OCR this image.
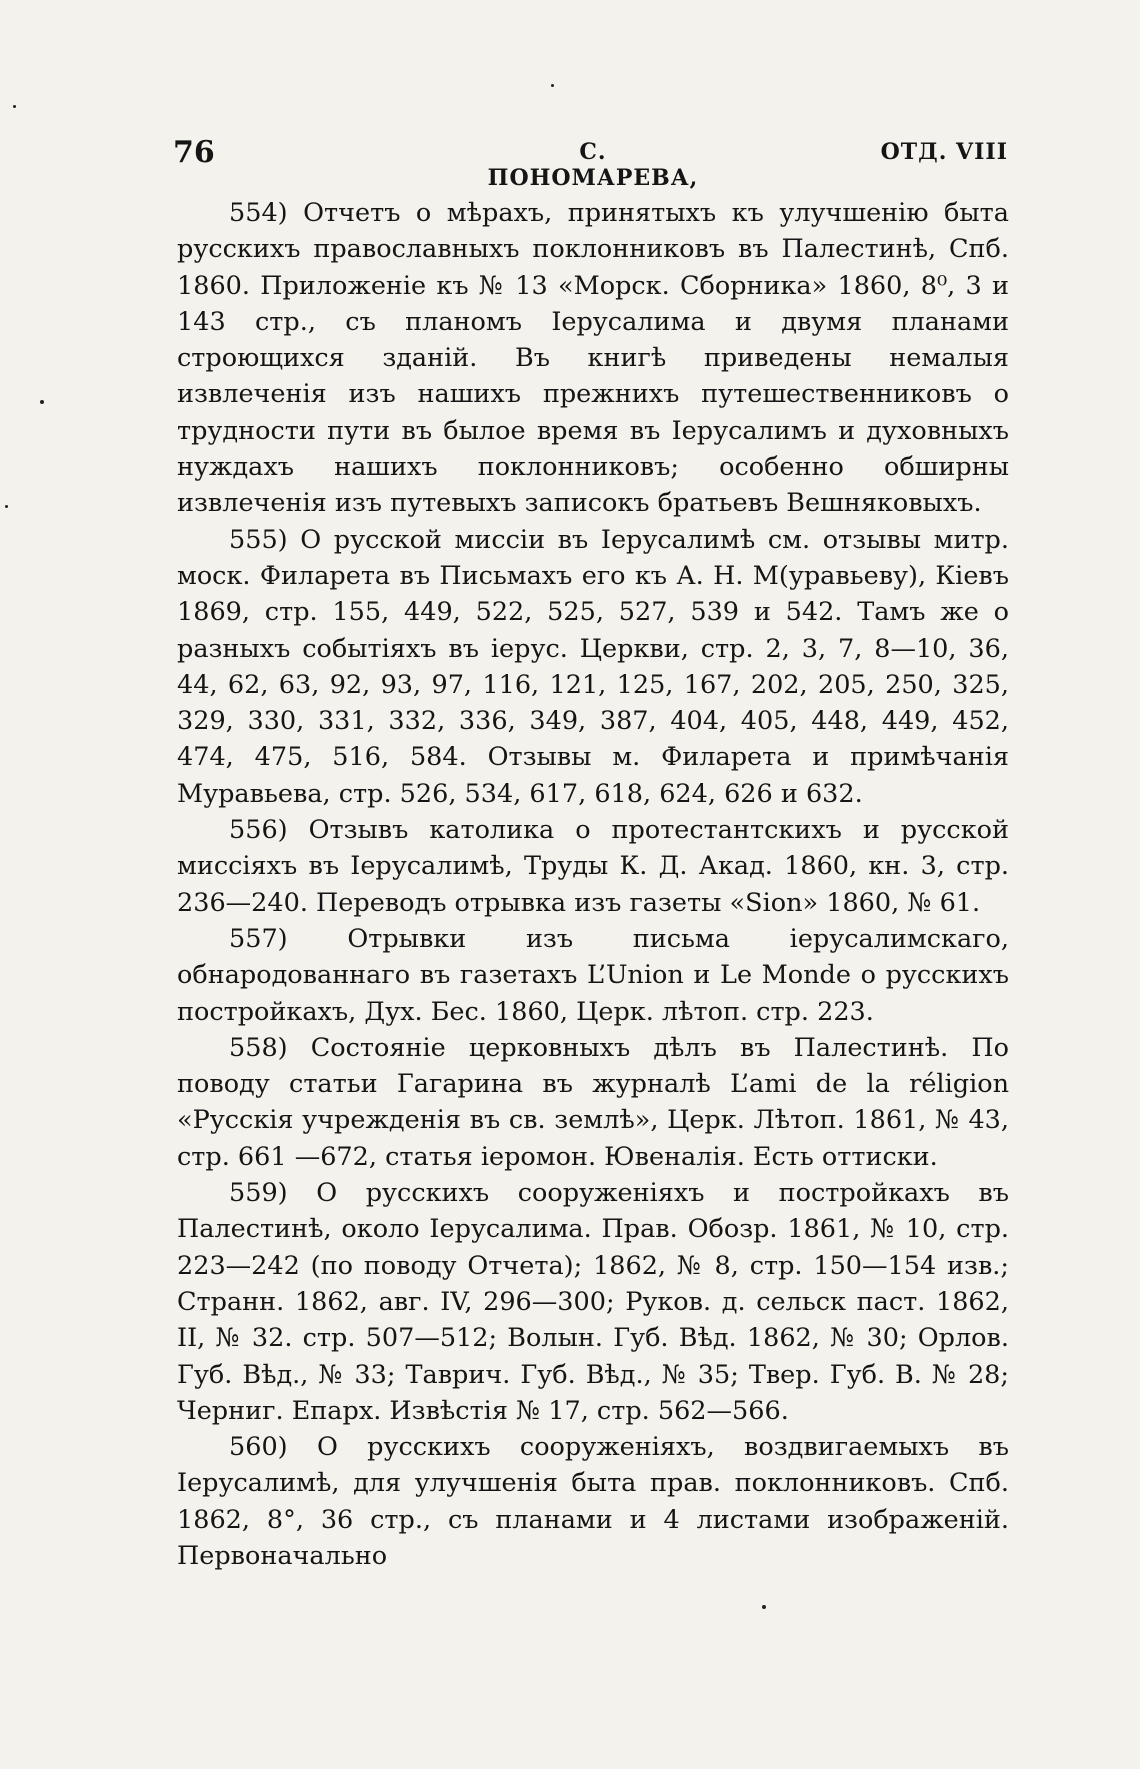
76	С. ПОНОМАРЕВА,
ОТД. VIII

554) Отчетъ о мѣрахъ, принятыхъ къ улучшенію быта русскихъ православныхъ поклонниковъ въ Палестинѣ, Спб. 1860. Приложеніе къ № 13 «Морск. Сборника» 1860, 8⁰, 3 и 143 стр., съ планомъ Іерусалима и двумя планами строющихся зданій. Въ книгѣ приведены немалыя извлеченія изъ нашихъ прежнихъ путешественниковъ о трудности пути въ былое время въ Іерусалимъ и духовныхъ нуждахъ нашихъ поклонниковъ; особенно обширны извлеченія изъ путевыхъ записокъ братьевъ Вешняковыхъ.

555) О русской миссіи въ Іерусалимѣ см. отзывы митр. моск. Филарета въ Письмахъ его къ А. Н. М(уравьеву), Кіевъ 1869, стр. 155, 449, 522, 525, 527, 539 и 542. Тамъ же о разныхъ событіяхъ въ іерус. Церкви, стр. 2, 3, 7, 8—10, 36, 44, 62, 63, 92, 93, 97, 116, 121, 125, 167, 202, 205, 250, 325, 329, 330, 331, 332, 336, 349, 387, 404, 405, 448, 449, 452, 474, 475, 516, 584. Отзывы м. Филарета и примѣчанія Муравьева, стр. 526, 534, 617, 618, 624, 626 и 632.

556) Отзывъ католика о протестантскихъ и русской миссіяхъ въ Іерусалимѣ, Труды К. Д. Акад. 1860, кн. 3, стр. 236—240. Переводъ отрывка изъ газеты «Sion» 1860, № 61.

557) Отрывки изъ письма іерусалимскаго, обнародованнаго въ газетахъ L’Union и Le Monde о русскихъ постройкахъ, Дух. Бес. 1860, Церк. лѣтоп. стр. 223.

558) Состояніе церковныхъ дѣлъ въ Палестинѣ. По поводу статьи Гагарина въ журналѣ L’ami de la réligion «Русскія учрежденія въ св. землѣ», Церк. Лѣтоп. 1861, № 43, стр. 661 —672, статья іеромон. Ювеналія. Есть оттиски.

559) О русскихъ сооруженіяхъ и постройкахъ въ Палестинѣ, около Іерусалима. Прав. Обозр. 1861, № 10, стр. 223—242 (по поводу Отчета); 1862, № 8, стр. 150—154 изв.; Странн. 1862, авг. IV, 296—300; Руков. д. сельск паст. 1862, II, № 32. стр. 507—512; Волын. Губ. Вѣд. 1862, № 30; Орлов. Губ. Вѣд., № 33; Таврич. Губ. Вѣд., № 35; Твер. Губ. В. № 28; Черниг. Епарх. Извѣстія № 17, стр. 562—566.

560) О русскихъ сооруженіяхъ, воздвигаемыхъ въ Іерусалимѣ, для улучшенія быта прав. поклонниковъ. Спб. 1862, 8°, 36 стр., съ планами и 4 листами изображеній. Первоначально
